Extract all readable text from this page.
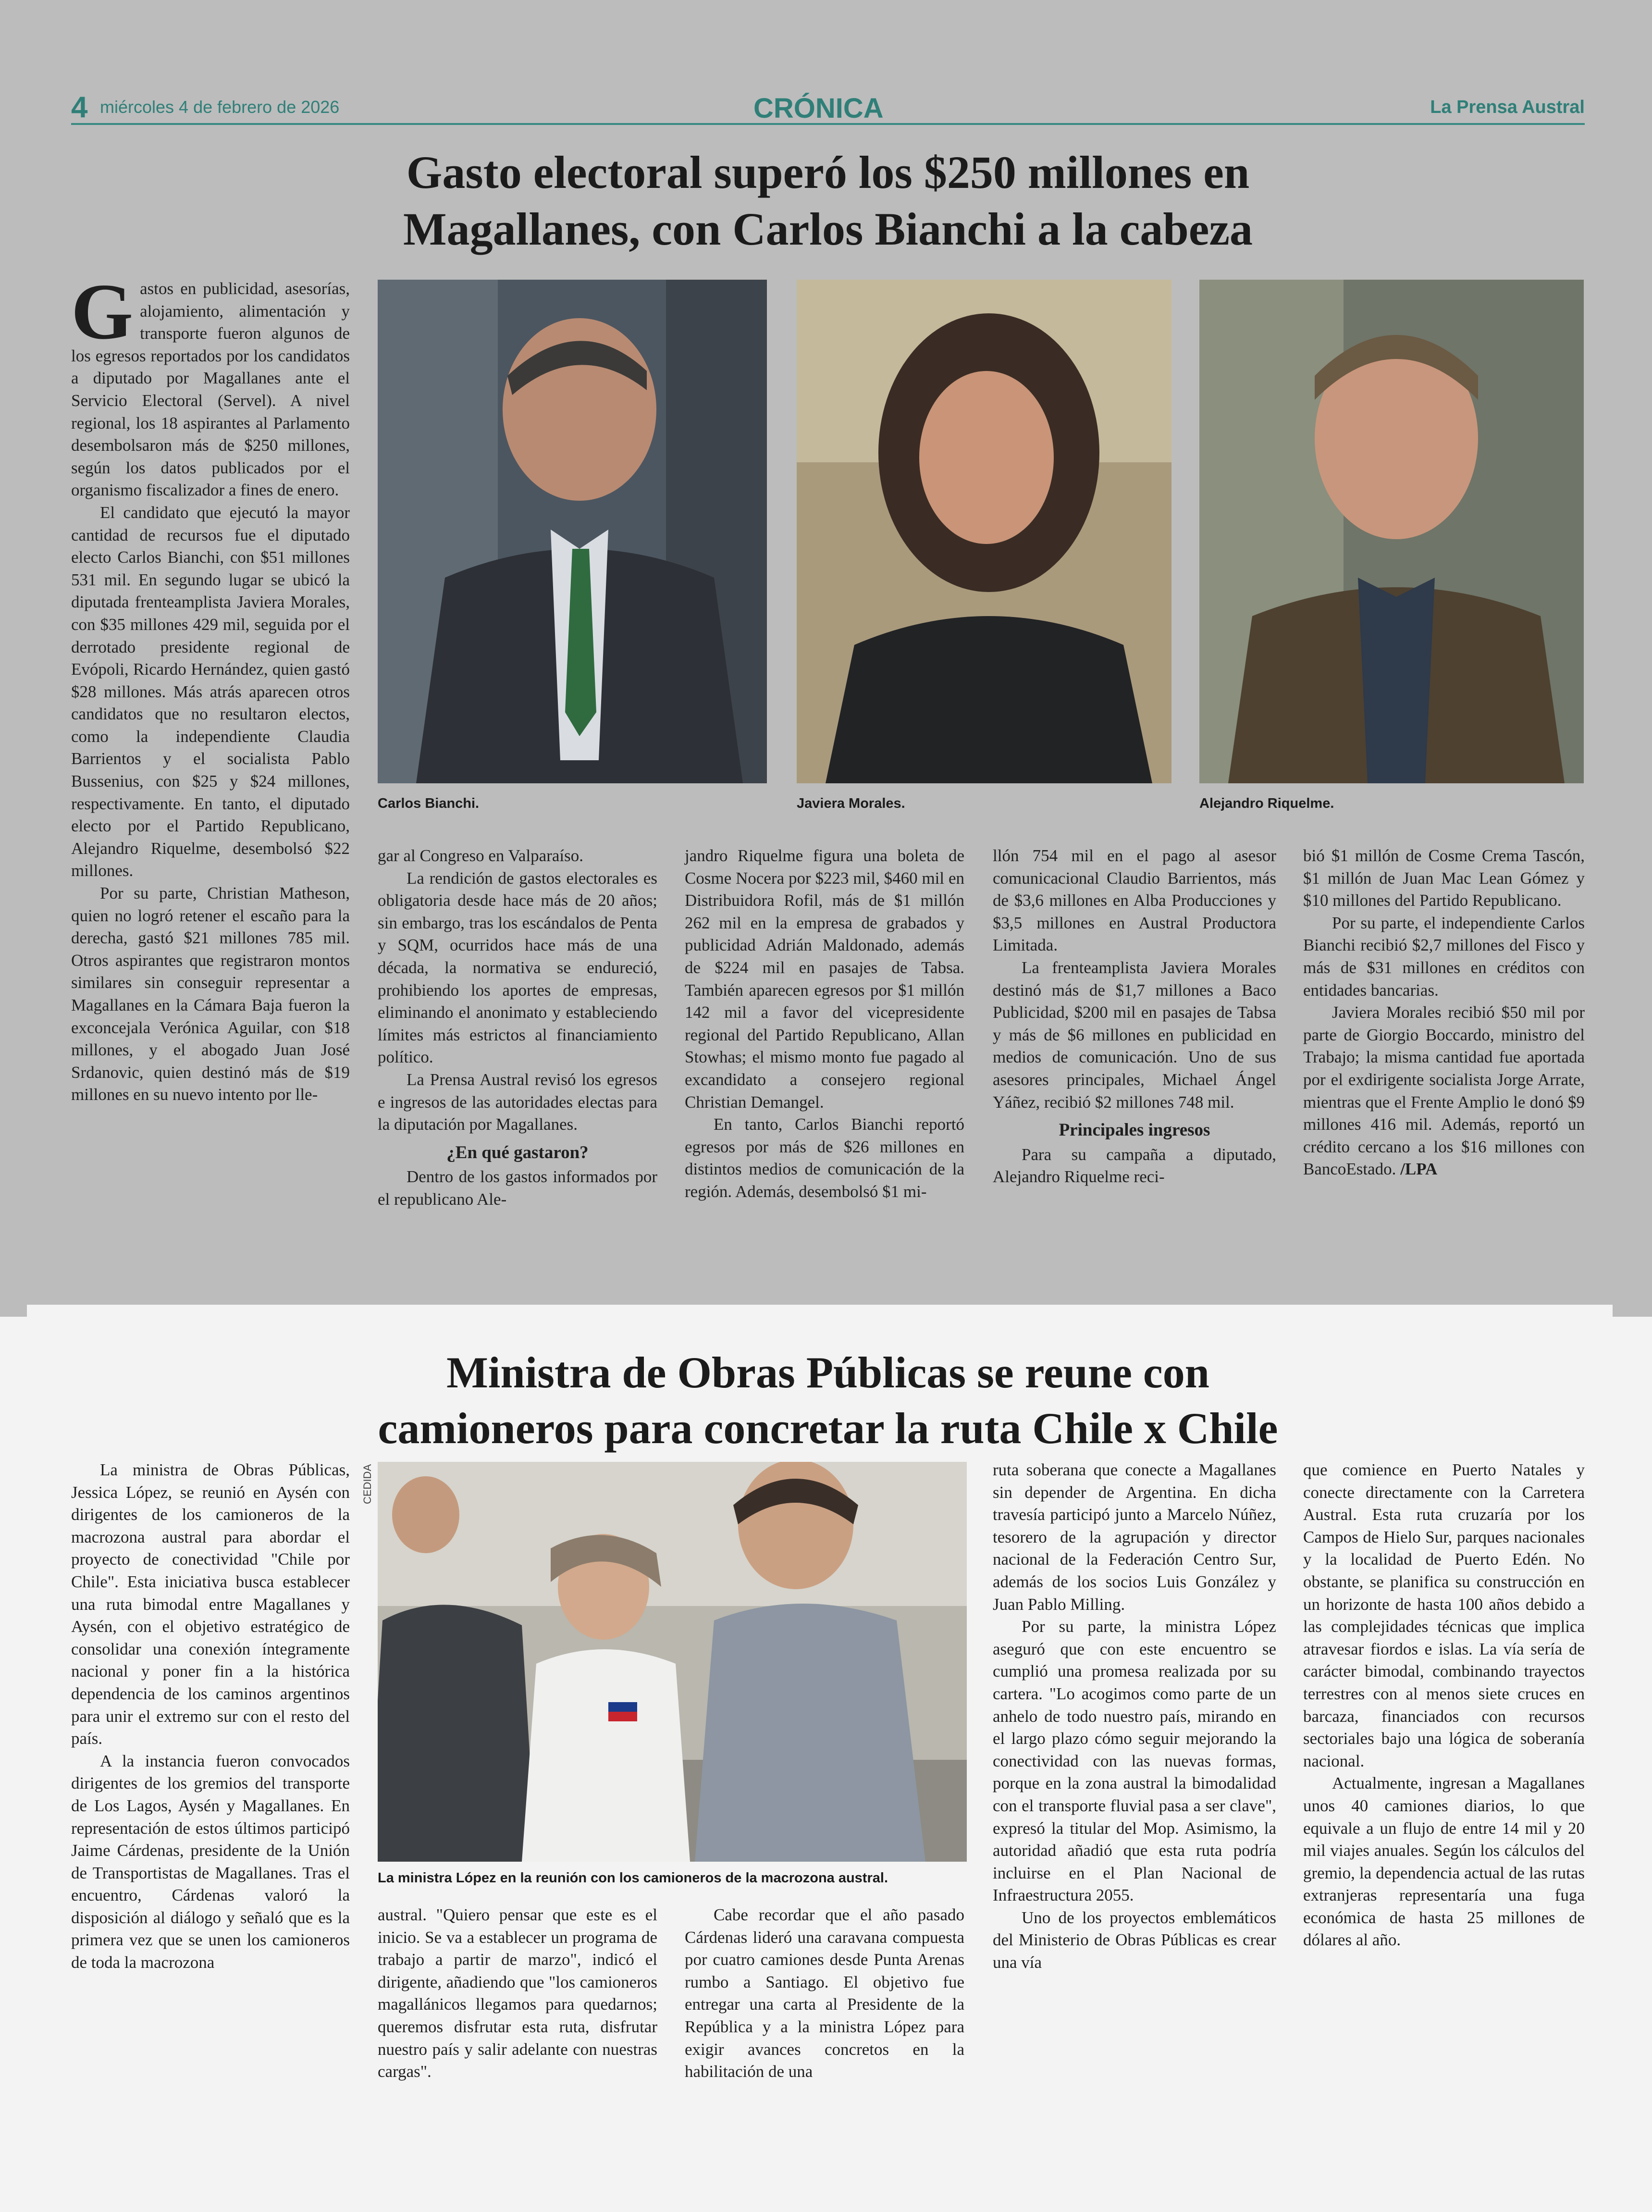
4 miércoles 4 de febrero de 2026	CRÓNICA	La Prensa Austral
Gasto electoral superó los $250 millones en
Magallanes, con Carlos Bianchi a la cabeza

Gastos en publicidad, asesorías, alojamiento, alimentación y transporte fueron algunos de los egresos reportados por los candidatos a diputado por Magallanes ante el Servicio Electoral (Servel). A nivel regional, los 18 aspirantes al Parlamento desembolsaron más de $250 millones, según los datos publicados por el organismo fiscalizador a fines de enero.

El candidato que ejecutó la mayor cantidad de recursos fue el diputado electo Carlos Bianchi, con $51 millones 531 mil. En segundo lugar se ubicó la diputada frenteamplista Javiera Morales, con $35 millones 429 mil, seguida por el derrotado presidente regional de Evópoli, Ricardo Hernández, quien gastó $28 millones. Más atrás aparecen otros candidatos que no resultaron electos, como la independiente Claudia Barrientos y el socialista Pablo Bussenius, con $25 y $24 millones, respectivamente. En tanto, el diputado electo por el Partido Republicano, Alejandro Riquelme, desembolsó $22 millones.

Por su parte, Christian Matheson, quien no logró retener el escaño para la derecha, gastó $21 millones 785 mil. Otros aspirantes que registraron montos similares sin conseguir representar a Magallanes en la Cámara Baja fueron la exconcejala Verónica Aguilar, con $18 millones, y el abogado Juan José Srdanovic, quien destinó más de $19 millones en su nuevo intento por lle-

Carlos Bianchi.	Javiera Morales.	Alejandro Riquelme.

gar al Congreso en Valparaíso.

La rendición de gastos electorales es obligatoria desde hace más de 20 años; sin embargo, tras los escándalos de Penta y SQM, ocurridos hace más de una década, la normativa se endureció, prohibiendo los aportes de empresas, eliminando el anonimato y estableciendo límites más estrictos al financiamiento político.

La Prensa Austral revisó los egresos e ingresos de las autoridades electas para la diputación por Magallanes.

¿En qué gastaron?

Dentro de los gastos informados por el republicano Ale-

jandro Riquelme figura una boleta de Cosme Nocera por $223 mil, $460 mil en Distribuidora Rofil, más de $1 millón 262 mil en la empresa de grabados y publicidad Adrián Maldonado, además de $224 mil en pasajes de Tabsa. También aparecen egresos por $1 millón 142 mil a favor del vicepresidente regional del Partido Republicano, Allan Stowhas; el mismo monto fue pagado al excandidato a consejero regional Christian Demangel.

En tanto, Carlos Bianchi reportó egresos por más de $26 millones en distintos medios de comunicación de la región. Además, desembolsó $1 mi-

llón 754 mil en el pago al asesor comunicacional Claudio Barrientos, más de $3,6 millones en Alba Producciones y $3,5 millones en Austral Productora Limitada.

La frenteamplista Javiera Morales destinó más de $1,7 millones a Baco Publicidad, $200 mil en pasajes de Tabsa y más de $6 millones en publicidad en medios de comunicación. Uno de sus asesores principales, Michael Ángel Yáñez, recibió $2 millones 748 mil.

Principales ingresos

Para su campaña a diputado, Alejandro Riquelme reci-

bió $1 millón de Cosme Crema Tascón, $1 millón de Juan Mac Lean Gómez y $10 millones del Partido Republicano.

Por su parte, el independiente Carlos Bianchi recibió $2,7 millones del Fisco y más de $31 millones en créditos con entidades bancarias.

Javiera Morales recibió $50 mil por parte de Giorgio Boccardo, ministro del Trabajo; la misma cantidad fue aportada por el exdirigente socialista Jorge Arrate, mientras que el Frente Amplio le donó $9 millones 416 mil. Además, reportó un crédito cercano a los $16 millones con BancoEstado. /LPA

Ministra de Obras Públicas se reune con
camioneros para concretar la ruta Chile x Chile

La ministra de Obras Públicas, Jessica López, se reunió en Aysén con dirigentes de los camioneros de la macrozona austral para abordar el proyecto de conectividad "Chile por Chile". Esta iniciativa busca establecer una ruta bimodal entre Magallanes y Aysén, con el objetivo estratégico de consolidar una conexión íntegramente nacional y poner fin a la histórica dependencia de los caminos argentinos para unir el extremo sur con el resto del país.

A la instancia fueron convocados dirigentes de los gremios del transporte de Los Lagos, Aysén y Magallanes. En representación de estos últimos participó Jaime Cárdenas, presidente de la Unión de Transportistas de Magallanes. Tras el encuentro, Cárdenas valoró la disposición al diálogo y señaló que es la primera vez que se unen los camioneros de toda la macrozona

CEDIDA
La ministra López en la reunión con los camioneros de la macrozona austral.

austral. "Quiero pensar que este es el inicio. Se va a establecer un programa de trabajo a partir de marzo", indicó el dirigente, añadiendo que "los camioneros magallánicos llegamos para quedarnos; queremos disfrutar esta ruta, disfrutar nuestro país y salir adelante con nuestras cargas".

Cabe recordar que el año pasado Cárdenas lideró una caravana compuesta por cuatro camiones desde Punta Arenas rumbo a Santiago. El objetivo fue entregar una carta al Presidente de la República y a la ministra López para exigir avances concretos en la habilitación de una

ruta soberana que conecte a Magallanes sin depender de Argentina. En dicha travesía participó junto a Marcelo Núñez, tesorero de la agrupación y director nacional de la Federación Centro Sur, además de los socios Luis González y Juan Pablo Milling.

Por su parte, la ministra López aseguró que con este encuentro se cumplió una promesa realizada por su cartera. "Lo acogimos como parte de un anhelo de todo nuestro país, mirando en el largo plazo cómo seguir mejorando la conectividad con las nuevas formas, porque en la zona austral la bimodalidad con el transporte fluvial pasa a ser clave", expresó la titular del Mop. Asimismo, la autoridad añadió que esta ruta podría incluirse en el Plan Nacional de Infraestructura 2055.

Uno de los proyectos emblemáticos del Ministerio de Obras Públicas es crear una vía

que comience en Puerto Natales y conecte directamente con la Carretera Austral. Esta ruta cruzaría por los Campos de Hielo Sur, parques nacionales y la localidad de Puerto Edén. No obstante, se planifica su construcción en un horizonte de hasta 100 años debido a las complejidades técnicas que implica atravesar fiordos e islas. La vía sería de carácter bimodal, combinando trayectos terrestres con al menos siete cruces en barcaza, financiados con recursos sectoriales bajo una lógica de soberanía nacional.

Actualmente, ingresan a Magallanes unos 40 camiones diarios, lo que equivale a un flujo de entre 14 mil y 20 mil viajes anuales. Según los cálculos del gremio, la dependencia actual de las rutas extranjeras representaría una fuga económica de hasta 25 millones de dólares al año.
